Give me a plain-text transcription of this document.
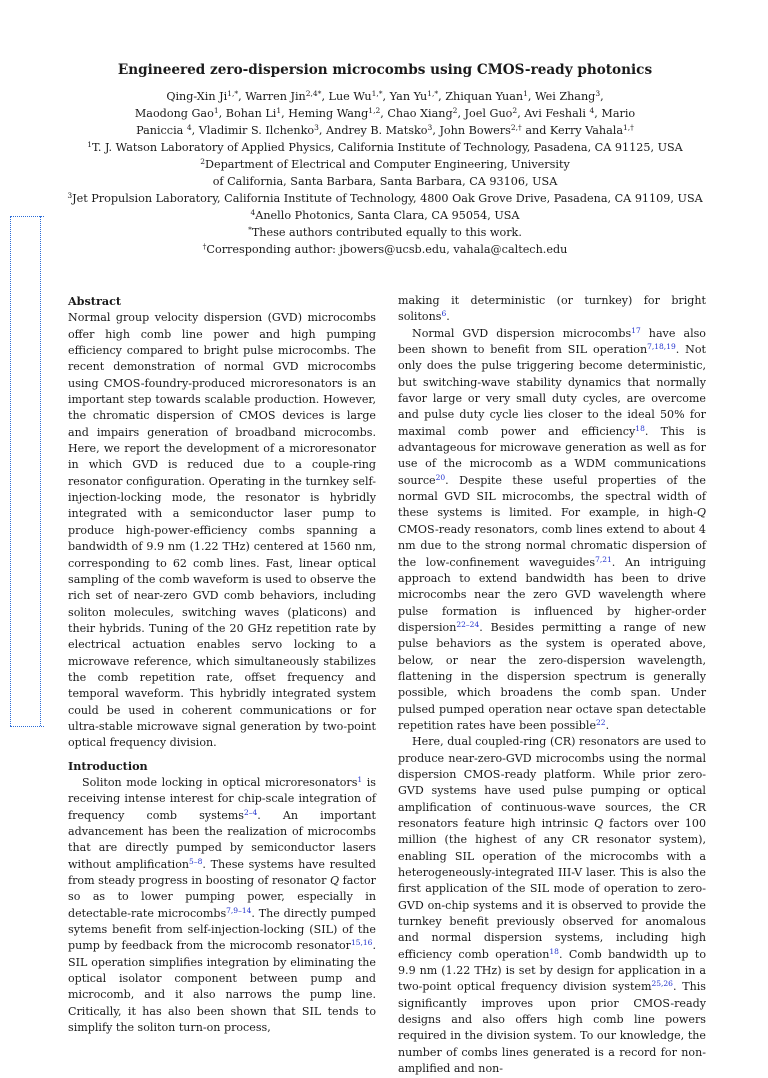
Engineered zero-dispersion microcombs using CMOS-ready photonics

Qing-Xin $Ji^{1,*}$, Warren Jin$^{2,4*}$, Lue $Wu^{1,*}$, Yan $Yu^{1,*}$, Zhiquan Yuan$^1$, Wei Zhang$^3$,

Maodong Gao$^1$, Bohan Li$^1$, Heming Wang$^{1,2}$, Chao Xiang$^2$, Joel Guo$^2$, Avi Feshali $^4$, Mario

Paniccia $^4$, Vladimir S. Ilchenko$^3$, Andrey B. Matsko$^3$, John Bowers$^{2,\dagger}$ and Kerry Vahala$^{1,\dagger}$

$^1$T. J. Watson Laboratory of Applied Physics, California Institute of Technology, Pasadena, CA 91125, USA

$^2$Department of Electrical and Computer Engineering, University

of California, Santa Barbara, Santa Barbara, CA 93106, USA

$^3$Jet Propulsion Laboratory, California Institute of Technology, 4800 Oak Grove Drive, Pasadena, CA 91109, USA

$^4$Anello Photonics, Santa Clara, CA 95054, USA

*These authors contributed equally to this work.

†Corresponding author: jbowers@ucsb.edu, vahala@caltech.edu

Abstract

Normal group velocity dispersion (GVD) microcombs offer high comb line power and high pumping efficiency compared to bright pulse microcombs. The recent demonstration of normal GVD microcombs using CMOS-foundry-produced microresonators is an important step towards scalable production. However, the chromatic dispersion of CMOS devices is large and impairs generation of broadband microcombs. Here, we report the development of a microresonator in which GVD is reduced due to a couple-ring resonator configuration. Operating in the turnkey self-injection-locking mode, the resonator is hybridly integrated with a semiconductor laser pump to produce high-power-efficiency combs spanning a bandwidth of 9.9 nm (1.22 THz) centered at 1560 nm, corresponding to 62 comb lines. Fast, linear optical sampling of the comb waveform is used to observe the rich set of near-zero GVD comb behaviors, including soliton molecules, switching waves (platicons) and their hybrids. Tuning of the 20 GHz repetition rate by electrical actuation enables servo locking to a microwave reference, which simultaneously stabilizes the comb repetition rate, offset frequency and temporal waveform. This hybridly integrated system could be used in coherent communications or for ultra-stable microwave signal generation by two-point optical frequency division.

Introduction

Soliton mode locking in optical microresonators$^1$ is receiving intense interest for chip-scale integration of frequency comb systems$^{2-4}$. An important advancement has been the realization of microcombs that are directly pumped by semiconductor lasers without amplification$^{5-8}$. These systems have resulted from steady progress in boosting of resonator Q factor so as to lower pumping power, especially in detectable-rate microcombs$^{7,9-14}$. The directly pumped sytems benefit from self-injection-locking (SIL) of the pump by feedback from the microcomb resonator$^{15,16}$. SIL operation simplifies integration by eliminating the optical isolator component between pump and microcomb, and it also narrows the pump line. Critically, it has also been shown that SIL tends to simplify the soliton turn-on process,

making it deterministic (or turnkey) for bright solitons$^6$.

Normal GVD dispersion microcombs$^{17}$ have also been shown to benefit from SIL operation$^{7,18,19}$. Not only does the pulse triggering become deterministic, but switching-wave stability dynamics that normally favor large or very small duty cycles, are overcome and pulse duty cycle lies closer to the ideal 50% for maximal comb power and efficiency$^{18}$. This is advantageous for microwave generation as well as for use of the microcomb as a WDM communications source$^{20}$. Despite these useful properties of the normal GVD SIL microcombs, the spectral width of these systems is limited. For example, in high-Q CMOS-ready resonators, comb lines extend to about 4 nm due to the strong normal chromatic dispersion of the low-confinement waveguides$^{7,21}$. An intriguing approach to extend bandwidth has been to drive microcombs near the zero GVD wavelength where pulse formation is influenced by higher-order dispersion$^{22-24}$. Besides permitting a range of new pulse behaviors as the system is operated above, below, or near the zero-dispersion wavelength, flattening in the dispersion spectrum is generally possible, which broadens the comb span. Under pulsed pumped operation near octave span detectable repetition rates have been possible$^{22}$.

Here, dual coupled-ring (CR) resonators are used to produce near-zero-GVD microcombs using the normal dispersion CMOS-ready platform. While prior zero-GVD systems have used pulse pumping or optical amplification of continuous-wave sources, the CR resonators feature high intrinsic Q factors over 100 million (the highest of any CR resonator system), enabling SIL operation of the microcombs with a heterogeneously-integrated III-V laser. This is also the first application of the SIL mode of operation to zero-GVD on-chip systems and it is observed to provide the turnkey benefit previously observed for anomalous and normal dispersion systems, including high efficiency comb operation$^{18}$. Comb bandwidth up to 9.9 nm (1.22 THz) is set by design for application in a two-point optical frequency division system$^{25,26}$. This significantly improves upon prior CMOS-ready designs and also offers high comb line powers required in the division system. To our knowledge, the number of combs lines generated is a record for non-amplified and non-
